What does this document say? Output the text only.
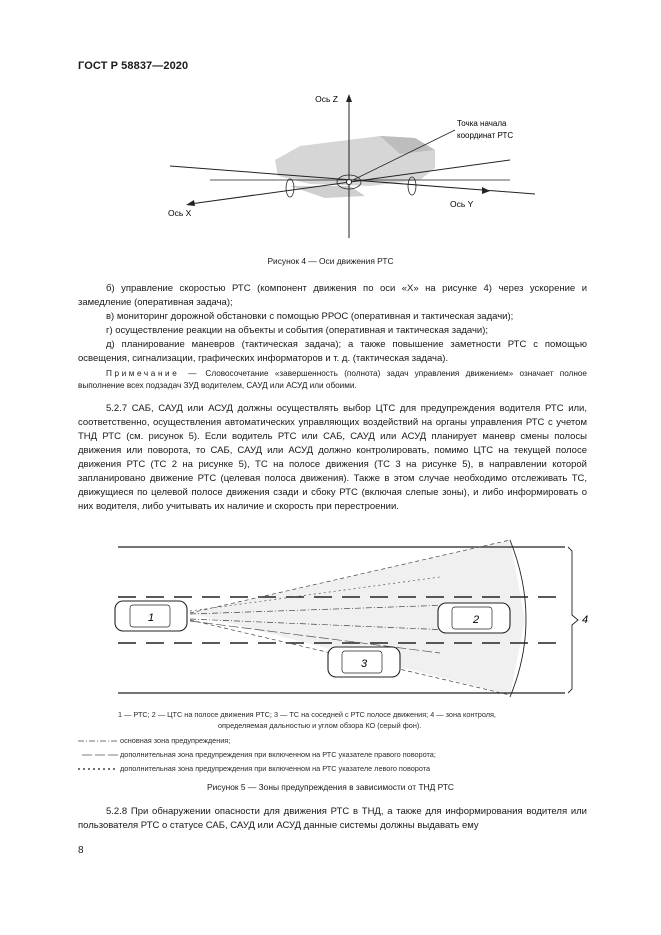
ГОСТ Р 58837—2020
Ось Z
Ось X
Ось Y
Точка начала
координат РТС
Рисунок 4 — Оси движения РТС

б) управление скоростью РТС (компонент движения по оси «X» на рисунке 4) через ускорение и замедление (оперативная задача);

в) мониторинг дорожной обстановки с помощью РРОС (оперативная и тактическая задачи);

г) осуществление реакции на объекты и события (оперативная и тактическая задачи);

д) планирование маневров (тактическая задача); а также повышение заметности РТС с помощью освещения, сигнализации, графических информаторов и т. д. (тактическая задача).

Примечание — Словосочетание «завершенность (полнота) задач управления движением» означает полное выполнение всех подзадач ЗУД водителем, САУД или АСУД или обоими.

5.2.7 САБ, САУД или АСУД должны осуществлять выбор ЦТС для предупреждения водителя РТС или, соответственно, осуществления автоматических управляющих воздействий на органы управления РТС с учетом ТНД РТС (см. рисунок 5). Если водитель РТС или САБ, САУД или АСУД планирует маневр смены полосы движения или поворота, то САБ, САУД или АСУД должно контролировать, помимо ЦТС на текущей полосе движения РТС (ТС 2 на рисунке 5), ТС на полосе движения (ТС 3 на рисунке 5), в направлении которой запланировано движение РТС (целевая полоса движения). Также в этом случае необходимо отслеживать ТС, движущиеся по целевой полосе движения сзади и сбоку РТС (включая слепые зоны), и либо информировать о них водителя, либо учитывать их наличие и скорость при перестроении.

1	2
3
4
1 — РТС; 2 — ЦТС на полосе движения РТС; 3 — ТС на соседней с РТС полосе движения; 4 — зона контроля,
определяемая дальностью и углом обзора КО (серый фон).
основная зона предупреждения;
дополнительная зона предупреждения при включенном на РТС указателе правого поворота;
дополнительная зона предупреждения при включенном на РТС указателе левого поворота
Рисунок 5 — Зоны предупреждения в зависимости от ТНД РТС

5.2.8 При обнаружении опасности для движения РТС в ТНД, а также для информирования водителя или пользователя РТС о статусе САБ, САУД или АСУД данные системы должны выдавать ему

8
